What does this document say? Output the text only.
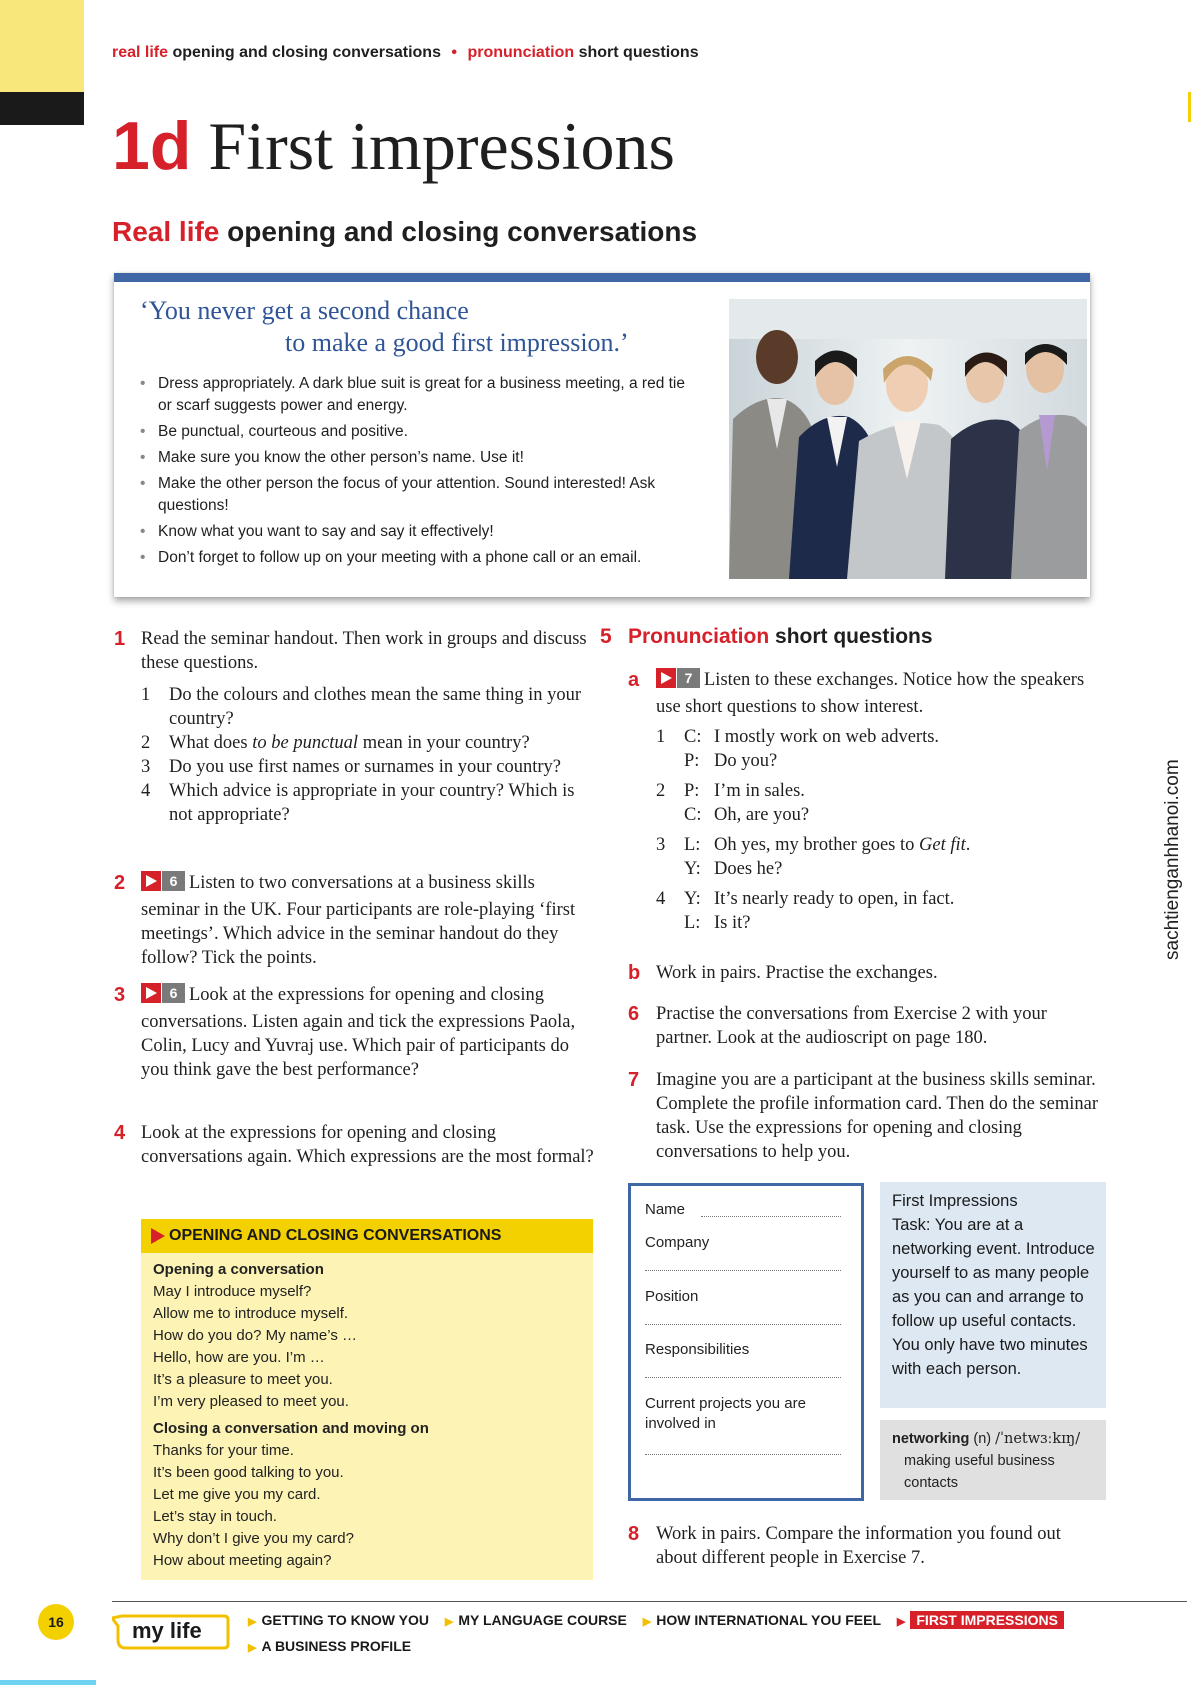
real life opening and closing conversations • pronunciation short questions
1d First impressions
Real life opening and closing conversations
‘You never get a second chance
to make a good first impression.’
• Dress appropriately. A dark blue suit is great for a business meeting, a red tie or scarf suggests power and energy.
• Be punctual, courteous and positive.
• Make sure you know the other person’s name. Use it!
• Make the other person the focus of your attention. Sound interested! Ask questions!
• Know what you want to say and say it effectively!
• Don’t forget to follow up on your meeting with a phone call or an email.
1 Read the seminar handout. Then work in groups and discuss these questions.
1 Do the colours and clothes mean the same thing in your country?
2 What does to be punctual mean in your country?
3 Do you use first names or surnames in your country?
4 Which advice is appropriate in your country? Which is not appropriate?
2	6 Listen to two conversations at a business skills seminar in the UK. Four participants are role-playing ‘first meetings’. Which advice in the seminar handout do they follow? Tick the points.
3	6 Look at the expressions for opening and closing conversations. Listen again and tick the expressions Paola, Colin, Lucy and Yuvraj use. Which pair of participants do you think gave the best performance?
4 Look at the expressions for opening and closing conversations again. Which expressions are the most formal?
OPENING AND CLOSING CONVERSATIONS
Opening a conversation
May I introduce myself?
Allow me to introduce myself.
How do you do? My name’s …
Hello, how are you. I’m …
It’s a pleasure to meet you.
I’m very pleased to meet you.
Closing a conversation and moving on
Thanks for your time.
It’s been good talking to you.
Let me give you my card.
Let’s stay in touch.
Why don’t I give you my card?
How about meeting again?
5 Pronunciation short questions
a	7 Listen to these exchanges. Notice how the speakers use short questions to show interest.
1 C: I mostly work on web adverts.
P: Do you?
2 P: I’m in sales.
C: Oh, are you?
3 L: Oh yes, my brother goes to Get fit.
Y: Does he?
4 Y: It’s nearly ready to open, in fact.
L: Is it?
b Work in pairs. Practise the exchanges.
6 Practise the conversations from Exercise 2 with your partner. Look at the audioscript on page 180.
7 Imagine you are a participant at the business skills seminar. Complete the profile information card. Then do the seminar task. Use the expressions for opening and closing conversations to help you.
Name
Company
Position
Responsibilities
Current projects you are involved in
First Impressions
Task: You are at a networking event. Introduce yourself to as many people as you can and arrange to follow up useful contacts. You only have two minutes with each person.
networking (n) /ˈnetwɜːkɪŋ/
making useful business contacts
8 Work in pairs. Compare the information you found out about different people in Exercise 7.
sachtienganhhanoi.com
16	my life	▶ GETTING TO KNOW YOU ▶ MY LANGUAGE COURSE ▶ HOW INTERNATIONAL YOU FEEL ▶ FIRST IMPRESSIONS
▶ A BUSINESS PROFILE
